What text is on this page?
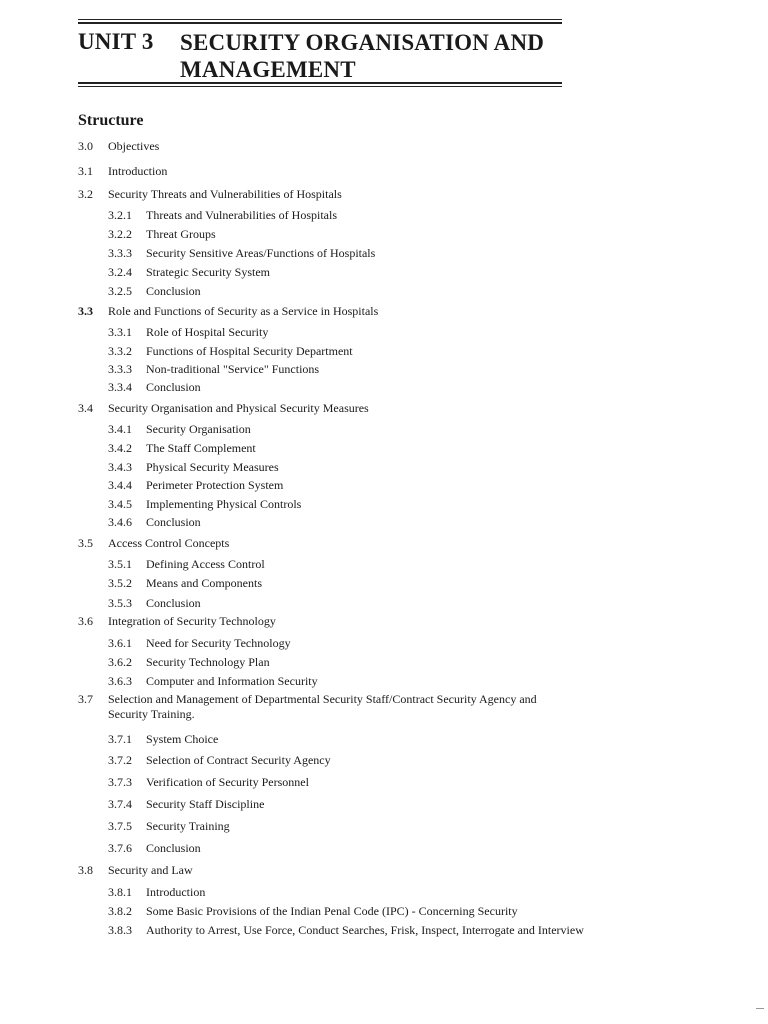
UNIT 3 SECURITY ORGANISATION AND MANAGEMENT
Structure
3.0 Objectives
3.1 Introduction
3.2 Security Threats and Vulnerabilities of Hospitals
3.2.1 Threats and Vulnerabilities of Hospitals
3.2.2 Threat Groups
3.3.3 Security Sensitive Areas/Functions of Hospitals
3.2.4 Strategic Security System
3.2.5 Conclusion
3.3 Role and Functions of Security as a Service in Hospitals
3.3.1 Role of Hospital Security
3.3.2 Functions of Hospital Security Department
3.3.3 Non-traditional "Service" Functions
3.3.4 Conclusion
3.4 Security Organisation and Physical Security Measures
3.4.1 Security Organisation
3.4.2 The Staff Complement
3.4.3 Physical Security Measures
3.4.4 Perimeter Protection System
3.4.5 Implementing Physical Controls
3.4.6 Conclusion
3.5 Access Control Concepts
3.5.1 Defining Access Control
3.5.2 Means and Components
3.5.3 Conclusion
3.6 Integration of Security Technology
3.6.1 Need for Security Technology
3.6.2 Security Technology Plan
3.6.3 Computer and Information Security
3.7 Selection and Management of Departmental Security Staff/Contract Security Agency and Security Training.
3.7.1 System Choice
3.7.2 Selection of Contract Security Agency
3.7.3 Verification of Security Personnel
3.7.4 Security Staff Discipline
3.7.5 Security Training
3.7.6 Conclusion
3.8 Security and Law
3.8.1 Introduction
3.8.2 Some Basic Provisions of the Indian Penal Code (IPC) - Concerning Security
3.8.3 Authority to Arrest, Use Force, Conduct Searches, Frisk, Inspect, Interrogate and Interview
